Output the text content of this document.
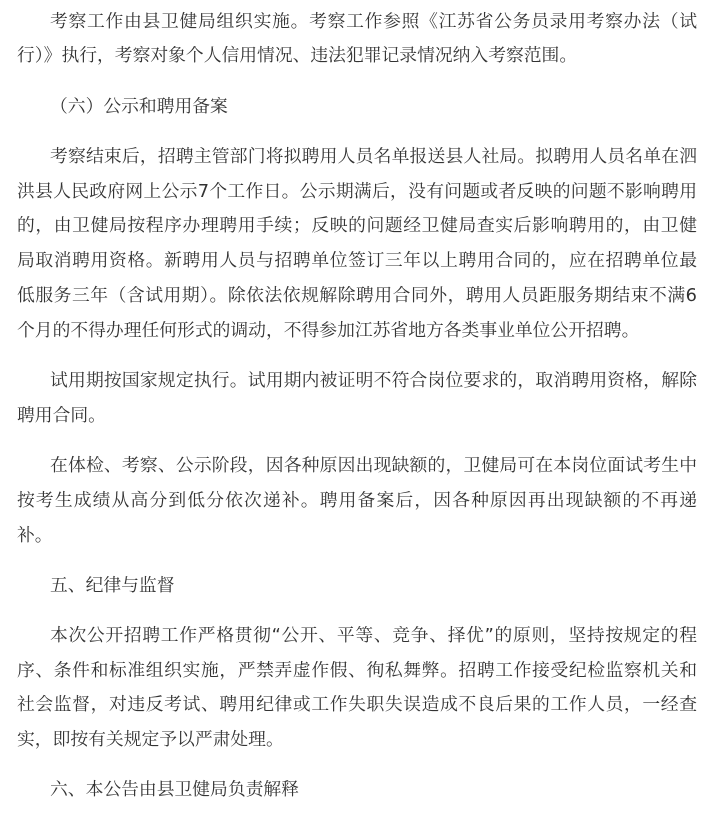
考察工作由县卫健局组织实施。考察工作参照《江苏省公务员录用考察办法（试
行）》执行，考察对象个人信用情况、违法犯罪记录情况纳入考察范围。
（六）公示和聘用备案
考察结束后，招聘主管部门将拟聘用人员名单报送县人社局。拟聘用人员名单在泗
洪县人民政府网上公示7个工作日。公示期满后，没有问题或者反映的问题不影响聘用
的，由卫健局按程序办理聘用手续；反映的问题经卫健局查实后影响聘用的，由卫健
局取消聘用资格。新聘用人员与招聘单位签订三年以上聘用合同的，应在招聘单位最
低服务三年（含试用期）。除依法依规解除聘用合同外，聘用人员距服务期结束不满6
个月的不得办理任何形式的调动，不得参加江苏省地方各类事业单位公开招聘。
试用期按国家规定执行。试用期内被证明不符合岗位要求的，取消聘用资格，解除
聘用合同。
在体检、考察、公示阶段，因各种原因出现缺额的，卫健局可在本岗位面试考生中
按考生成绩从高分到低分依次递补。聘用备案后，因各种原因再出现缺额的不再递
补。
五、纪律与监督
本次公开招聘工作严格贯彻“公开、平等、竞争、择优”的原则，坚持按规定的程
序、条件和标准组织实施，严禁弄虚作假、徇私舞弊。招聘工作接受纪检监察机关和
社会监督，对违反考试、聘用纪律或工作失职失误造成不良后果的工作人员，一经查
实，即按有关规定予以严肃处理。
六、本公告由县卫健局负责解释
